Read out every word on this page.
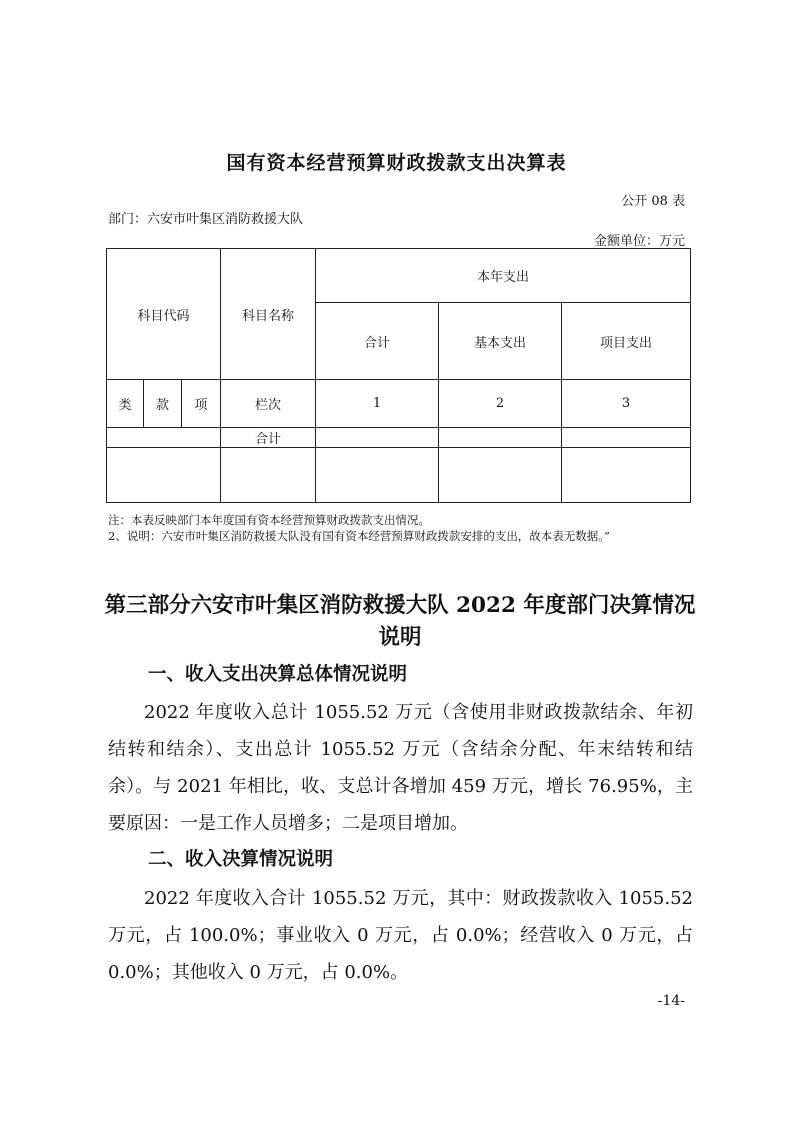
国有资本经营预算财政拨款支出决算表
公开 08 表
部门：六安市叶集区消防救援大队
金额单位：万元
科目代码			科目名称	本年支出		
				合计	基本支出	项目支出
类	款	项	栏次	1	2	3
			合计			

注：本表反映部门本年度国有资本经营预算财政拨款支出情况。
2、说明：六安市叶集区消防救援大队没有国有资本经营预算财政拨款安排的支出，故本表无数据。”
第三部分六安市叶集区消防救援大队 2022 年度部门决算情况说明
一、收入支出决算总体情况说明

2022 年度收入总计 1055.52 万元（含使用非财政拨款结余、年初结转和结余）、支出总计 1055.52 万元（含结余分配、年末结转和结余）。与 2021 年相比，收、支总计各增加 459 万元，增长 76.95%，主要原因：一是工作人员增多；二是项目增加。

二、收入决算情况说明

2022 年度收入合计 1055.52 万元，其中：财政拨款收入 1055.52 万元，占 100.0%；事业收入 0 万元，占 0.0%；经营收入 0 万元，占 0.0%；其他收入 0 万元，占 0.0%。

-14-
